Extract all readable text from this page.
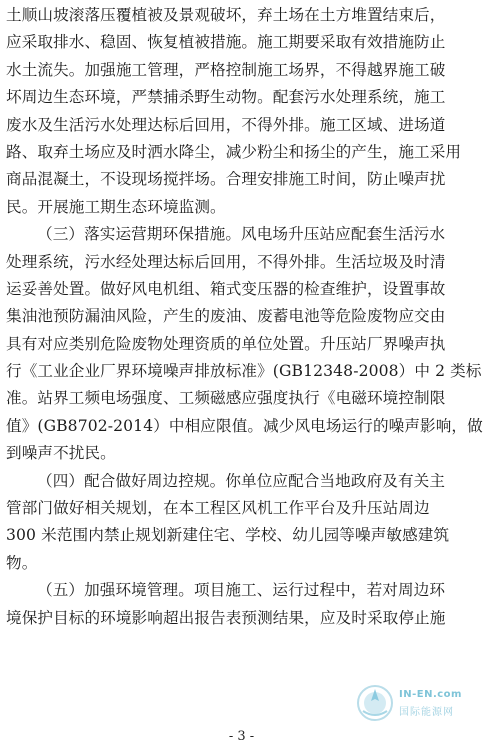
土顺山坡滚落压覆植被及景观破坏，弃土场在土方堆置结束后，
应采取排水、稳固、恢复植被措施。施工期要采取有效措施防止
水土流失。加强施工管理，严格控制施工场界，不得越界施工破
坏周边生态环境，严禁捕杀野生动物。配套污水处理系统，施工
废水及生活污水处理达标后回用，不得外排。施工区域、进场道
路、取弃土场应及时洒水降尘，减少粉尘和扬尘的产生，施工采用
商品混凝土，不设现场搅拌场。合理安排施工时间，防止噪声扰
民。开展施工期生态环境监测。
（三）落实运营期环保措施。风电场升压站应配套生活污水
处理系统，污水经处理达标后回用，不得外排。生活垃圾及时清
运妥善处置。做好风电机组、箱式变压器的检查维护，设置事故
集油池预防漏油风险，产生的废油、废蓄电池等危险废物应交由
具有对应类别危险废物处理资质的单位处置。升压站厂界噪声执
行《工业企业厂界环境噪声排放标准》(GB12348-2008）中 2 类标
准。站界工频电场强度、工频磁感应强度执行《电磁环境控制限
值》(GB8702-2014）中相应限值。减少风电场运行的噪声影响，做
到噪声不扰民。
（四）配合做好周边控规。你单位应配合当地政府及有关主
管部门做好相关规划，在本工程区风机工作平台及升压站周边
300 米范围内禁止规划新建住宅、学校、幼儿园等噪声敏感建筑
物。
（五）加强环境管理。项目施工、运行过程中，若对周边环
境保护目标的环境影响超出报告表预测结果，应及时采取停止施
IN-EN.com
国际能源网
- 3 -
